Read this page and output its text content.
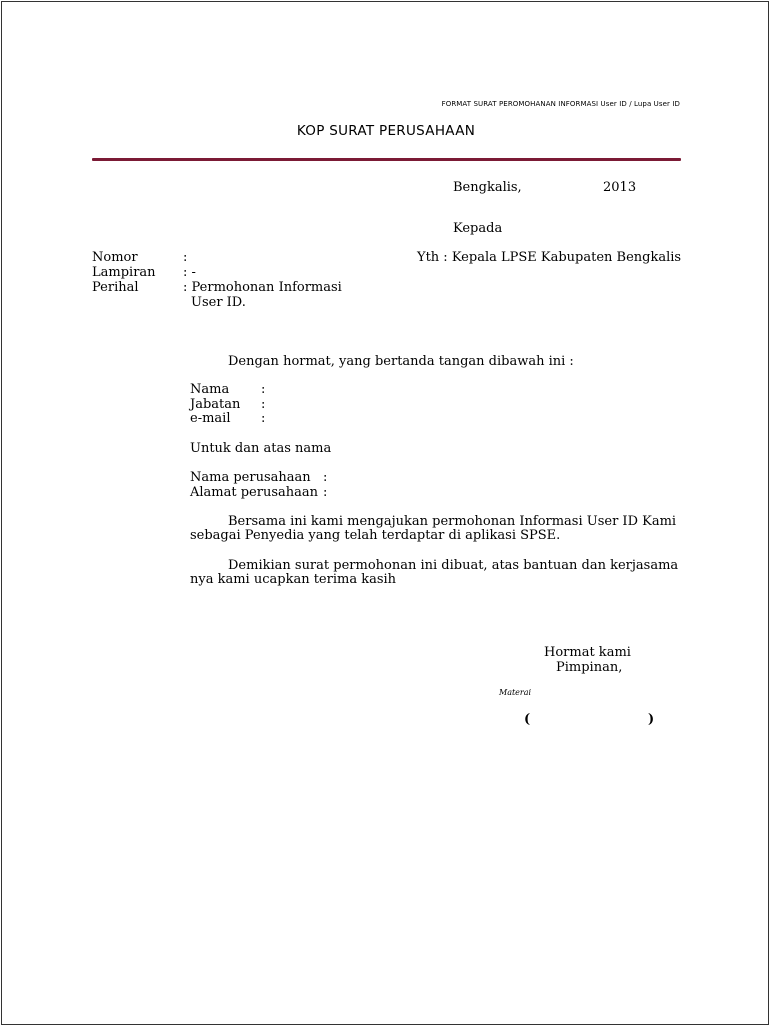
FORMAT SURAT PEROMOHANAN INFORMASI User ID / Lupa User ID
KOP SURAT PERUSAHAAN
Bengkalis,	2013
Kepada
Yth : Kepala LPSE Kabupaten Bengkalis
Nomor	:
Lampiran : -
Perihal	: Permohonan Informasi
User ID.
Dengan hormat, yang bertanda tangan dibawah ini :
Nama :
Jabatan :
e-mail :
Untuk dan atas nama
Nama perusahaan :
Alamat perusahaan :
Bersama ini kami mengajukan permohonan Informasi User ID Kami
sebagai Penyedia yang telah terdaptar di aplikasi SPSE.
Demikian surat permohonan ini dibuat, atas bantuan dan kerjasama
nya kami ucapkan terima kasih
Hormat kami
Pimpinan,
Materai
(	)
